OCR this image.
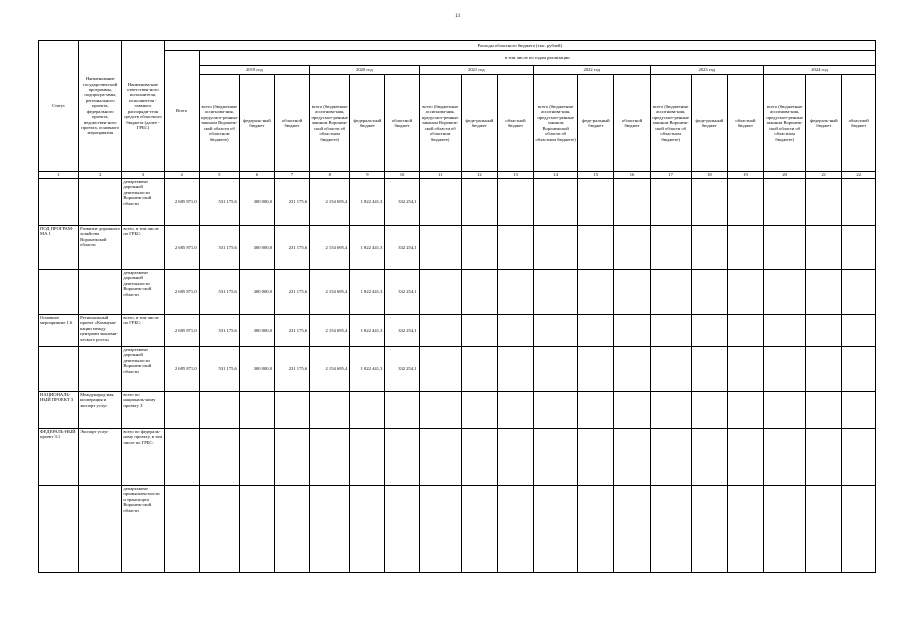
13
Статус	Наименование государствен-ной программы, подпрогра-ммы, регионального проекта, федерального проекта, ведомствен-ного проекта, основного мероприятия	Наименова-ние ответствен-ного исполнителя, исполнителя - главного распоряди-теля средств областного бюджета (далее - ГРБС)	Расходы областного бюджета (тыс. рублей)																		
			Всего	в том числе по годам реализации																	
				2019 год			2020 год			2021 год			2022 год			2023 год			2024 год		
				всего (бюджетные ассигнова-ния, предусмот-ренные законом Воронеж-ской области об областном бюджете)	федераль-ный бюджет	областной бюджет	всего (бюджетные ассигнова-ния, предусмот-ренные законом Воронеж-ской области об областном бюджете)	федераль-ный бюджет	областной бюджет	всего (бюджетные ассигнова-ния, предусмот-ренные законом Воронеж-ской области об областном бюджете)	феде-ральный бюджет	областной бюджет	всего (бюджетные ассигнова-ния, предусмот-ренные законом Воронежской области об областном бюджете)	феде-ральный бюджет	областной бюджет	всего (бюджетные ассигнова-ния, предусмот-ренные законом Воронеж-ской области об областном бюджете)	феде-ральный бюджет	областной бюджет	всего (бюджетные ассигнова-ния, предусмот-ренные законом Воронеж-ской области об областном бюджете)	федераль-ный бюджет	областной бюджет
1	2	3	4	5	6	7	8	9	10	11	12	13	14	15	16	17	18	19	20	21	22
		департамент дорожной деятельности Воронеж-ской области	2 685 871,0	531 175,6	300 000,0	231 175,6	2 154 695,4	1 822 441,3	332 254,1												
ПОД ПРОГРАМ-МА 1	Развитие дорожного хозяйства Воронежской области	всего, в том числе по ГРБС:	2 685 871,0	531 175,6	300 000,0	231 175,6	2 154 695,4	1 822 441,3	332 254,1												
		департамент дорожной деятельности Воронеж-ской области	2 685 871,0	531 175,6	300 000,0	231 175,6	2 154 695,4	1 822 441,3	332 254,1												
Основное мероприятие 1.6	Региональный проект «Коммуни-кации между центрами экономи-ческого роста»	всего, в том числе по ГРБС:	2 685 871,0	531 175,6	300 000,0	231 175,6	2 154 695,4	1 822 441,3	332 254,1												
		департамент дорожной деятельности Воронеж-ской области	2 685 871,0	531 175,6	300 000,0	231 175,6	2 154 695,4	1 822 441,3	332 254,1												
НАЦИОНАЛЬ-НЫЙ ПРОЕКТ 3	Международ-ная кооперация и экспорт услуг	всего по националь-ному проекту 3																			
ФЕДЕРАЛЬ-НЫЙ проект 3.1	Экспорт услуг	всего по федераль-ному проекту, в том числе по ГРБС:																			
		департамент промышлен-ности и транспорта Воронеж-ской области																			
